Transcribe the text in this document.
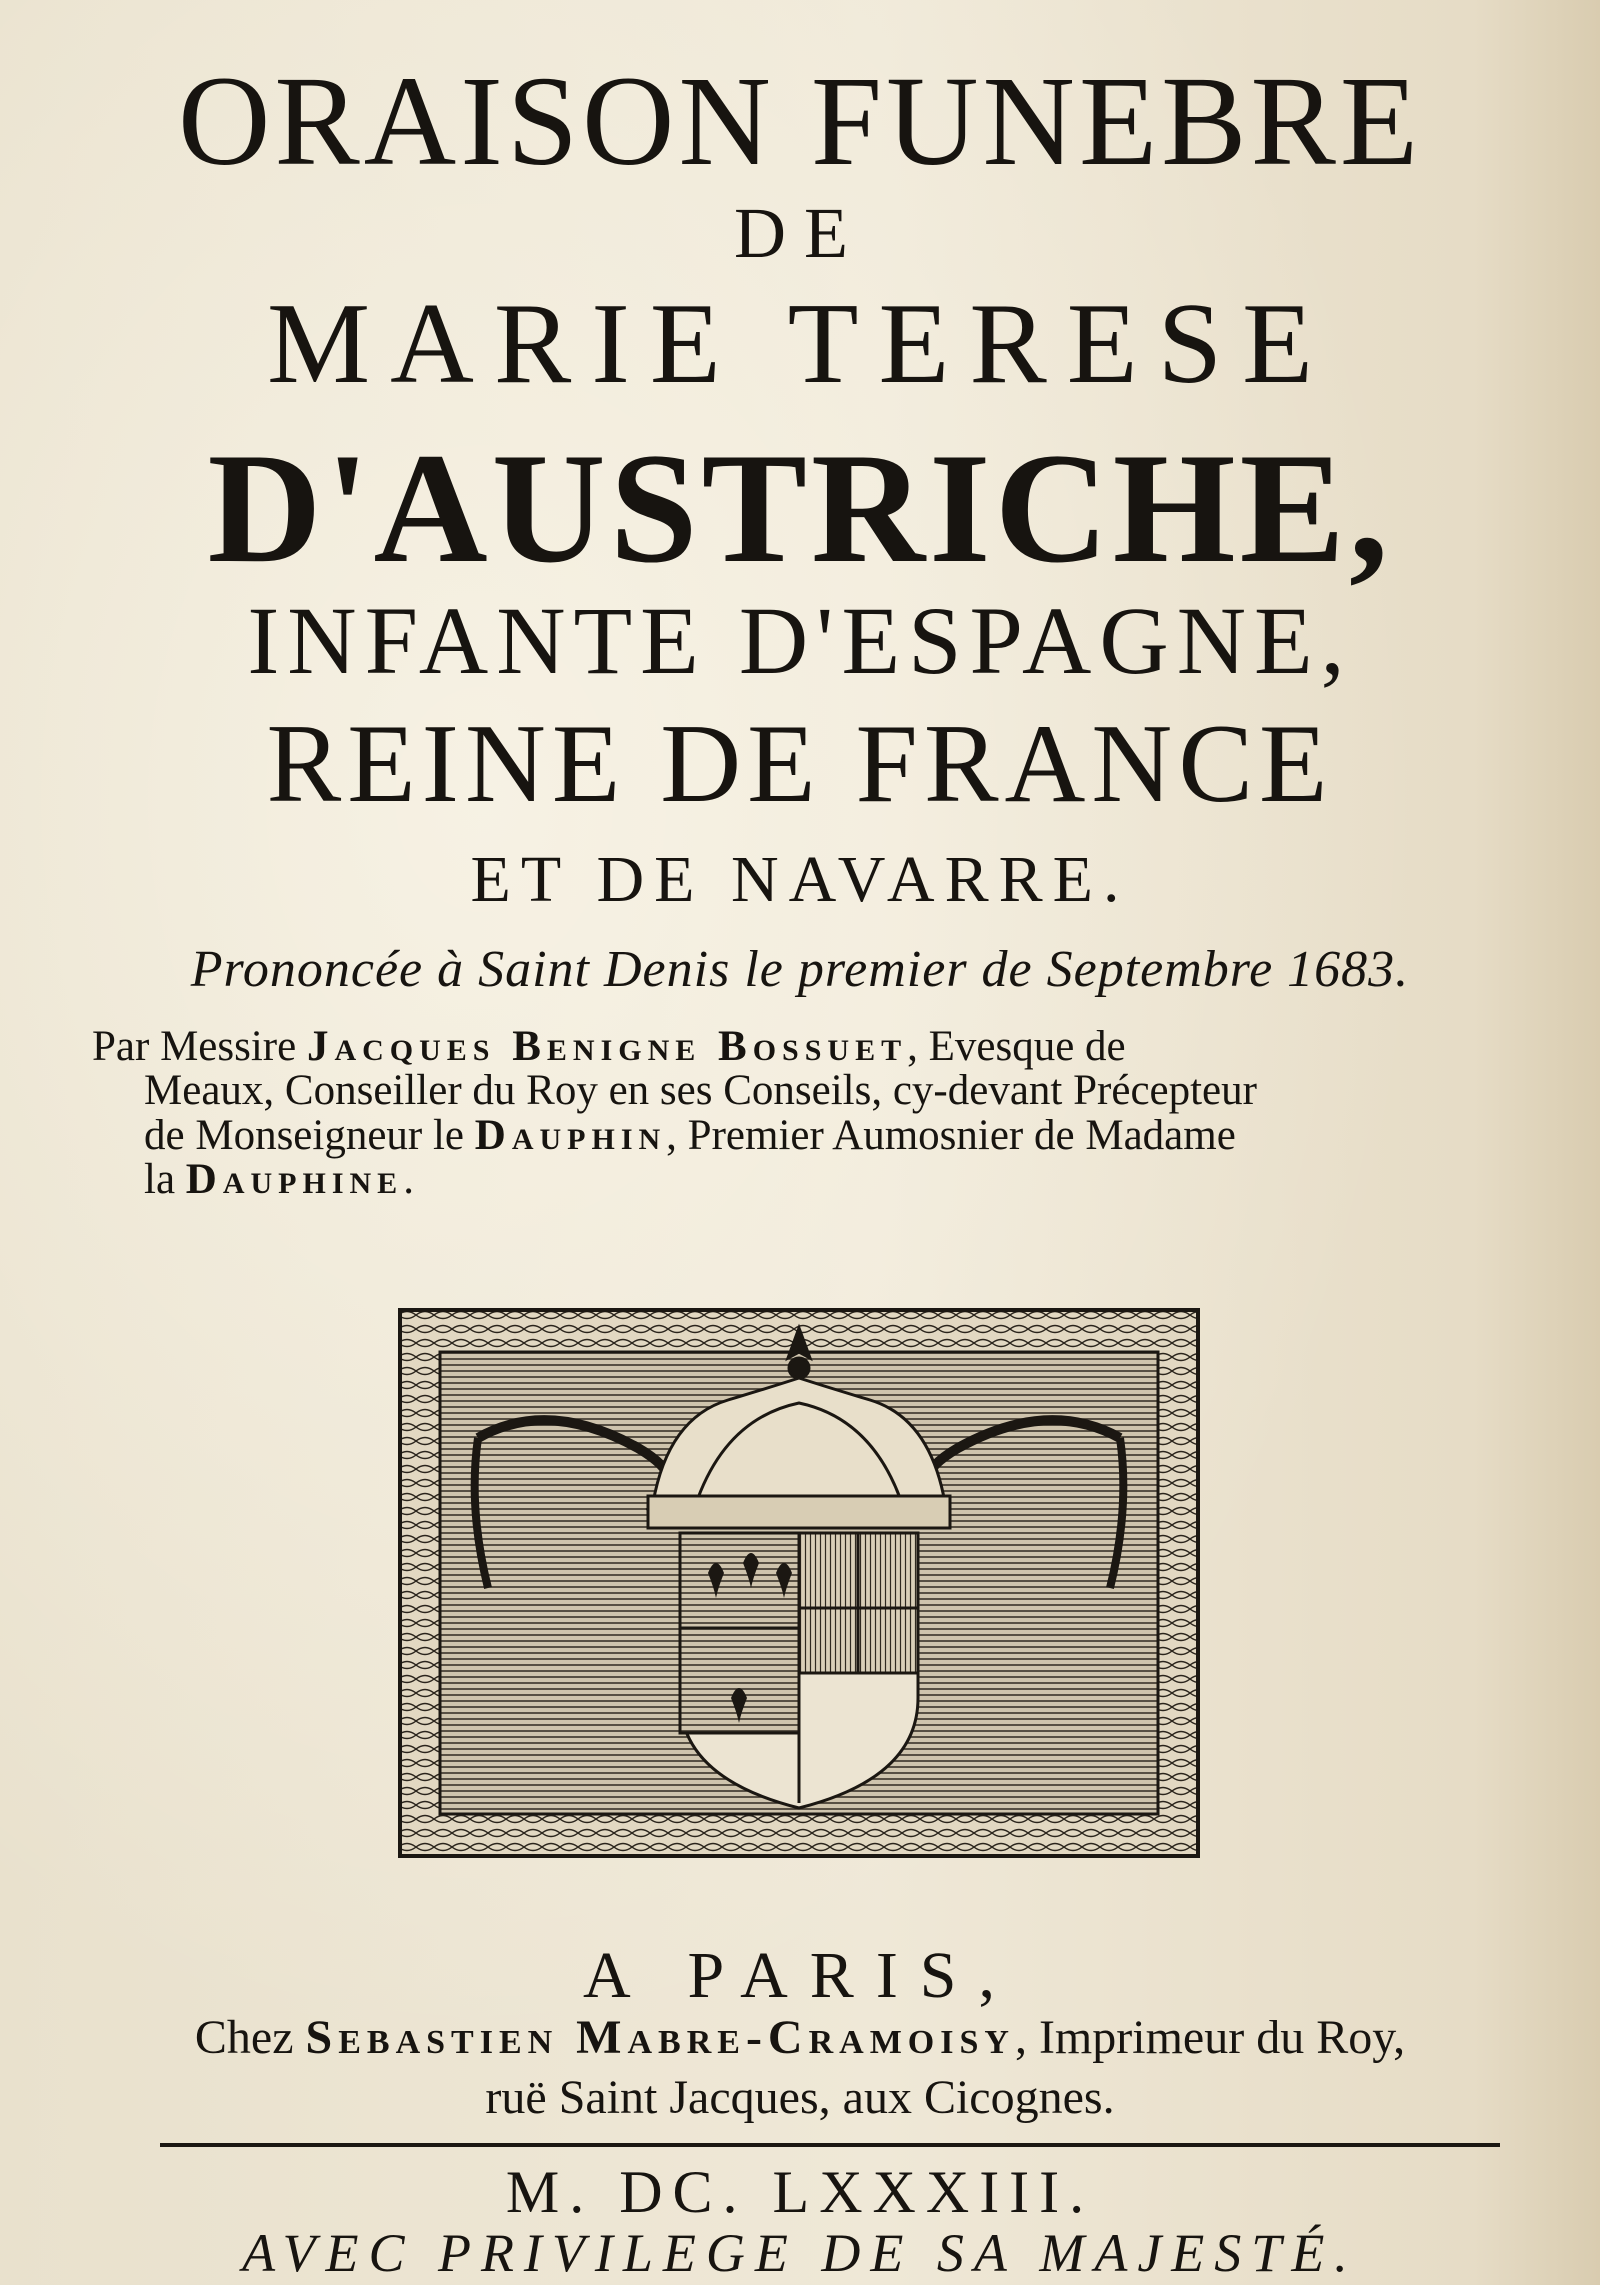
ORAISON FUNEBRE
DE
MARIE TERESE
D'AUSTRICHE,
INFANTE D'ESPAGNE,
REINE DE FRANCE
ET DE NAVARRE.
Prononcée à Saint Denis le premier de Septembre 1683.
Par Messire Jacques Benigne Bossuet, Evesque de
Meaux, Conseiller du Roy en ses Conseils, cy-devant Précepteur
de Monseigneur le Dauphin, Premier Aumosnier de Madame
la Dauphine.
A PARIS,
Chez Sebastien Mabre-Cramoisy, Imprimeur du Roy,
ruë Saint Jacques, aux Cicognes.
M. DC. LXXXIII.
AVEC PRIVILEGE DE SA MAJESTÉ.
